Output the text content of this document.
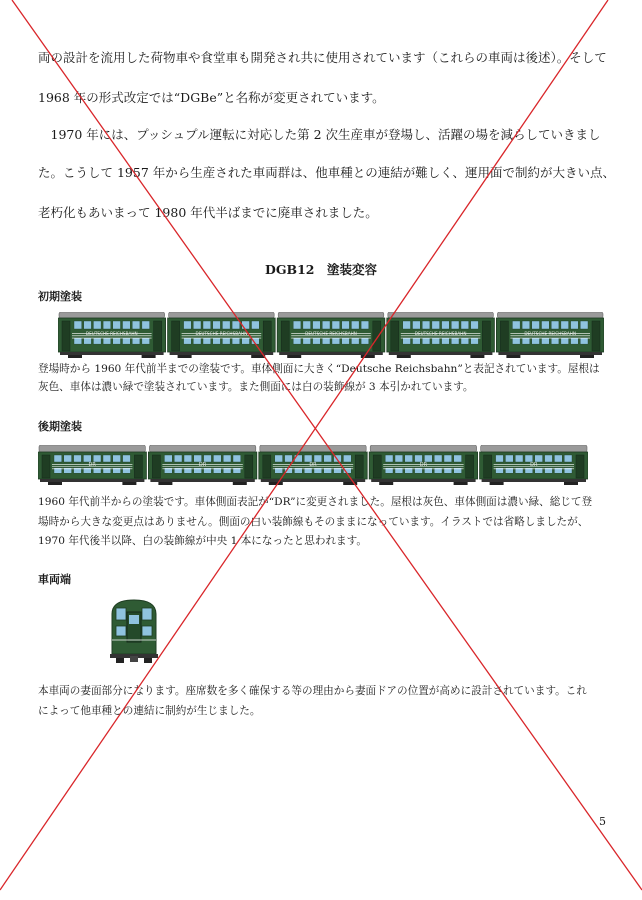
両の設計を流用した荷物車や食堂車も開発され共に使用されています（これらの車両は後述）。そして
1968 年の形式改定では“DGBe”と名称が変更されています。
　1970 年には、プッシュプル運転に対応した第 2 次生産車が登場し、活躍の場を減らしていきまし
た。こうして 1957 年から生産された車両群は、他車種との連結が難しく、運用面で制約が大きい点、
老朽化もあいまって 1980 年代半ばまでに廃車されました。
DGB12　塗装変容
初期塗装
DEUTSCHE REICHSBAHN	DEUTSCHE REICHSBAHN	DEUTSCHE REICHSBAHN	DEUTSCHE REICHSBAHN	DEUTSCHE REICHSBAHN
登場時から 1960 年代前半までの塗装です。車体側面に大きく“Deutsche Reichsbahn”と表記されています。屋根は
灰色、車体は濃い緑で塗装されています。また側面には白の装飾線が 3 本引かれています。
後期塗装
DR	DR	DR	DR	DR
1960 年代前半からの塗装です。車体側面表記が“DR”に変更されました。屋根は灰色、車体側面は濃い緑、総じて登
場時から大きな変更点はありません。側面の白い装飾線もそのままになっています。イラストでは省略しましたが、
1970 年代後半以降、白の装飾線が中央 1 本になったと思われます。
車両端
本車両の妻面部分になります。座席数を多く確保する等の理由から妻面ドアの位置が高めに設計されています。これ
によって他車種との連結に制約が生じました。
5
